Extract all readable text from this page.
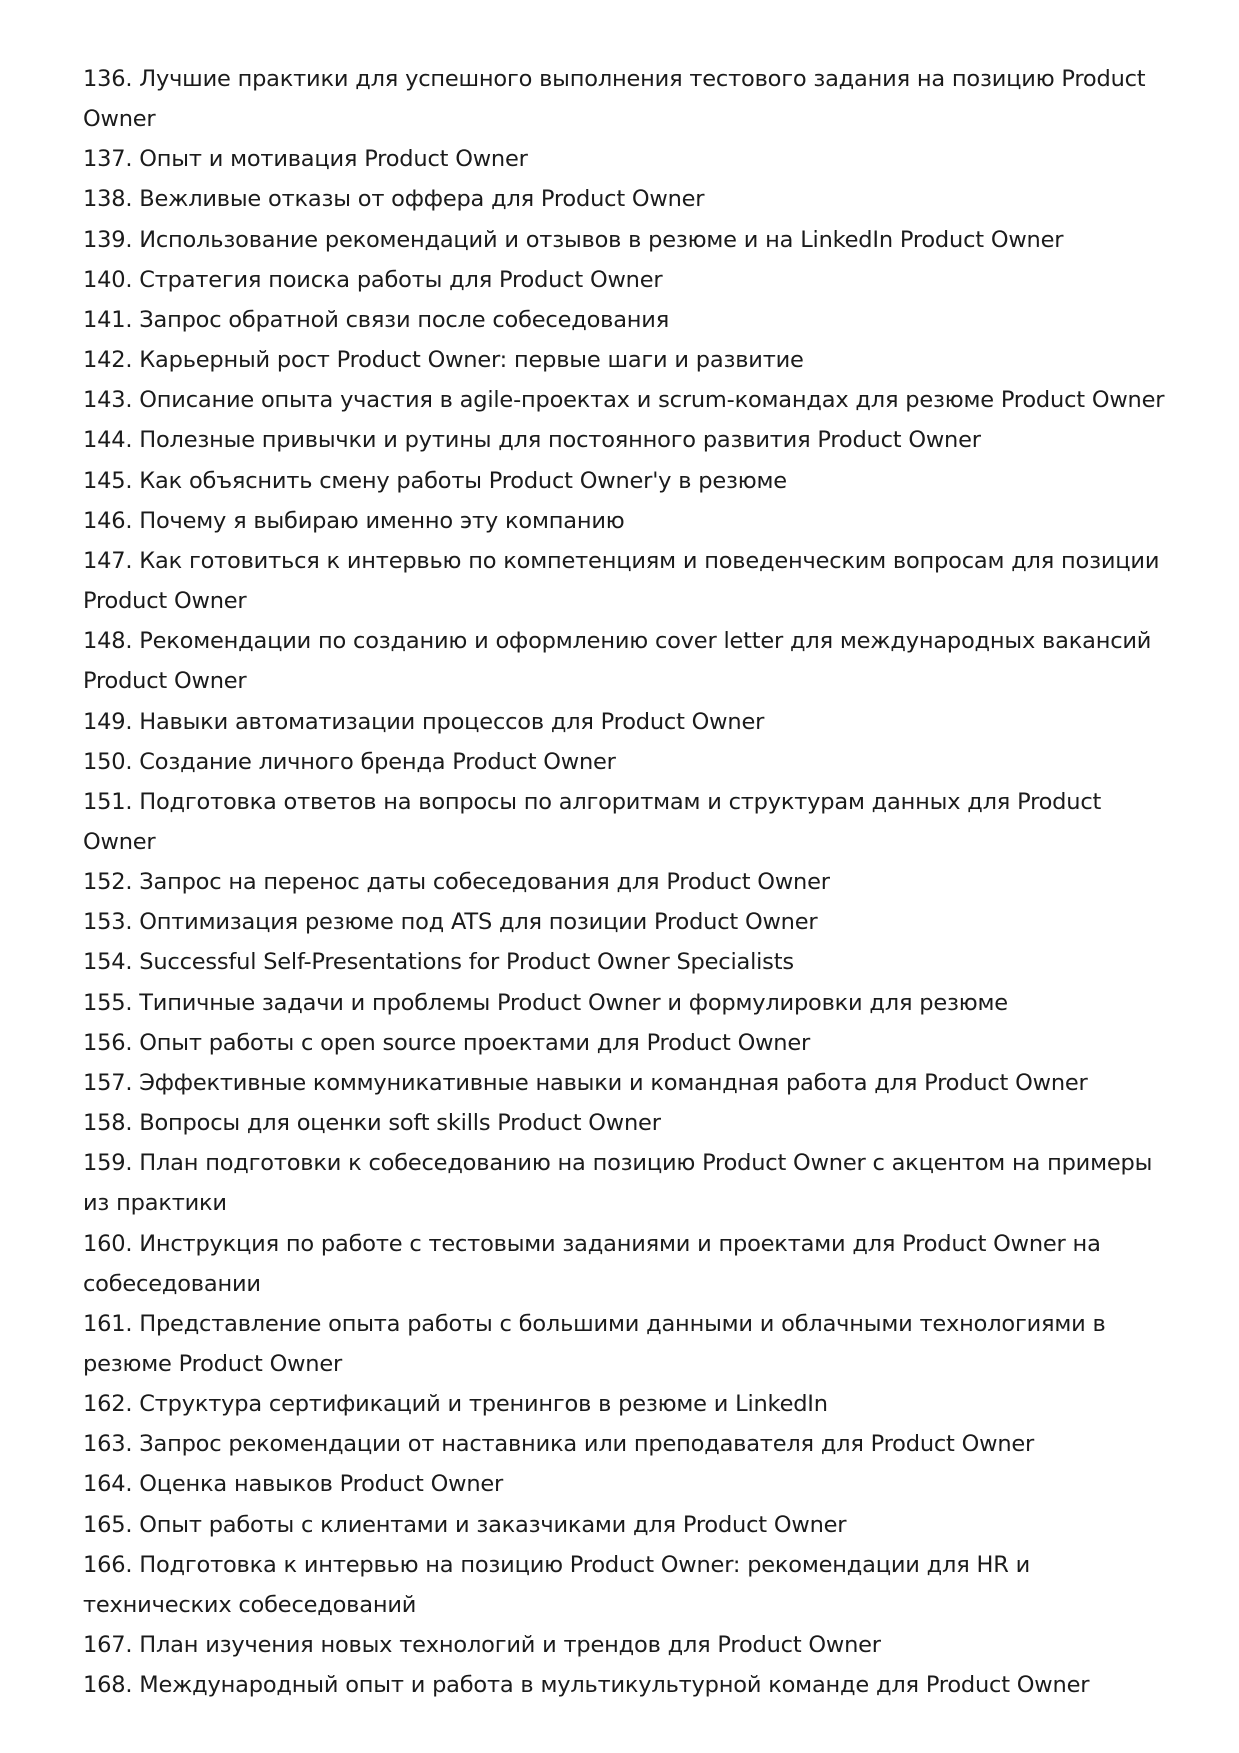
136. Лучшие практики для успешного выполнения тестового задания на позицию Product Owner

137. Опыт и мотивация Product Owner

138. Вежливые отказы от оффера для Product Owner

139. Использование рекомендаций и отзывов в резюме и на LinkedIn Product Owner

140. Стратегия поиска работы для Product Owner

141. Запрос обратной связи после собеседования

142. Карьерный рост Product Owner: первые шаги и развитие

143. Описание опыта участия в agile-проектах и scrum-командах для резюме Product Owner

144. Полезные привычки и рутины для постоянного развития Product Owner

145. Как объяснить смену работы Product Owner'у в резюме

146. Почему я выбираю именно эту компанию

147. Как готовиться к интервью по компетенциям и поведенческим вопросам для позиции Product Owner

148. Рекомендации по созданию и оформлению cover letter для международных вакансий Product Owner

149. Навыки автоматизации процессов для Product Owner

150. Создание личного бренда Product Owner

151. Подготовка ответов на вопросы по алгоритмам и структурам данных для Product Owner

152. Запрос на перенос даты собеседования для Product Owner

153. Оптимизация резюме под ATS для позиции Product Owner

154. Successful Self-Presentations for Product Owner Specialists

155. Типичные задачи и проблемы Product Owner и формулировки для резюме

156. Опыт работы с open source проектами для Product Owner

157. Эффективные коммуникативные навыки и командная работа для Product Owner

158. Вопросы для оценки soft skills Product Owner

159. План подготовки к собеседованию на позицию Product Owner с акцентом на примеры из практики

160. Инструкция по работе с тестовыми заданиями и проектами для Product Owner на собеседовании

161. Представление опыта работы с большими данными и облачными технологиями в резюме Product Owner

162. Структура сертификаций и тренингов в резюме и LinkedIn

163. Запрос рекомендации от наставника или преподавателя для Product Owner

164. Оценка навыков Product Owner

165. Опыт работы с клиентами и заказчиками для Product Owner

166. Подготовка к интервью на позицию Product Owner: рекомендации для HR и технических собеседований

167. План изучения новых технологий и трендов для Product Owner

168. Международный опыт и работа в мультикультурной команде для Product Owner
